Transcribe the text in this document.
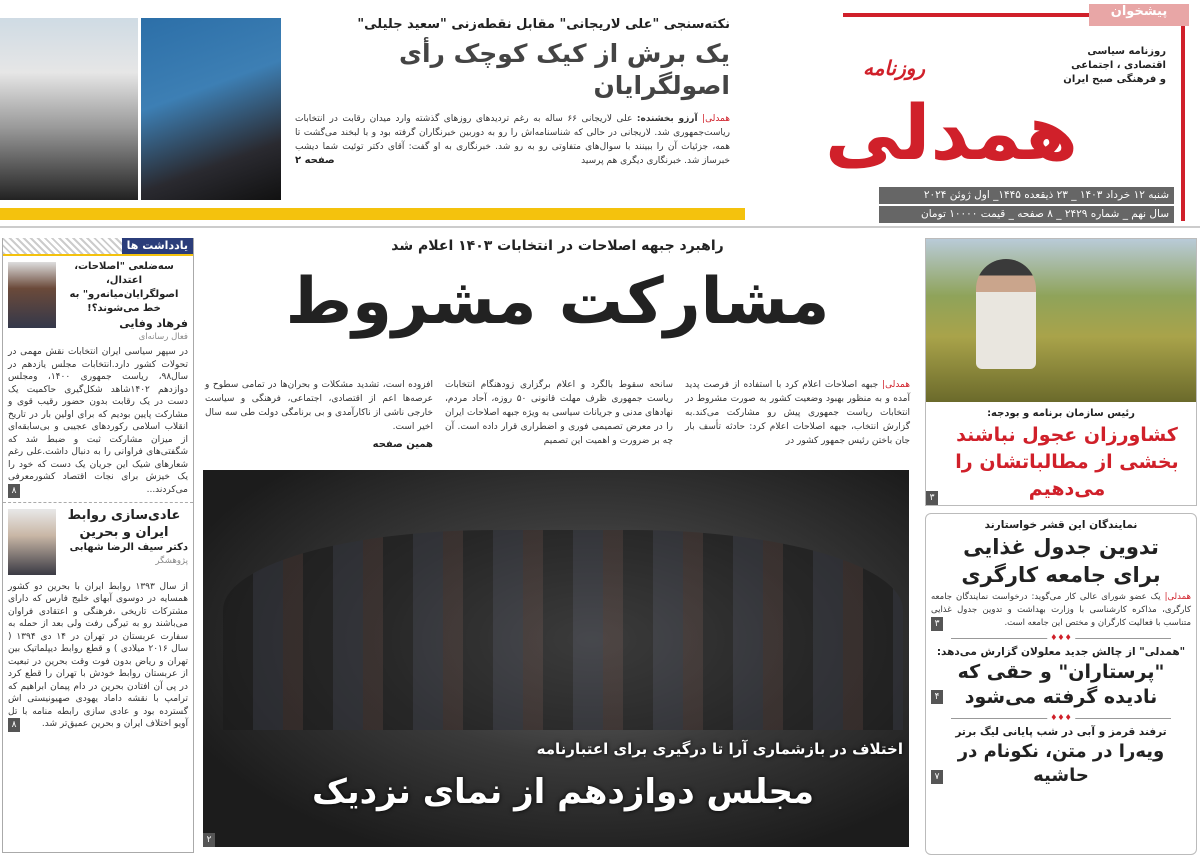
پیشخوان
روزنامه
همدلی
روزنامه سیاسی
اقتصادی ، اجتماعی
و فرهنگی صبح ایران
شنبه ۱۲ خرداد ۱۴۰۳ _ ۲۳ ذیقعده ۱۴۴۵_ اول ژوئن ۲۰۲۴
سال نهم _ شماره ۲۴۲۹ _ ۸ صفحه _ قیمت ۱۰۰۰۰ تومان
نکته‌سنجی "علی لاریجانی" مقابل نقطه‌زنی "سعید جلیلی"
یک برش از کیک کوچک رأی اصولگرایان
همدلی| آرزو بخشنده: علی لاریجانی ۶۶ ساله به رغم تردیدهای روزهای گذشته وارد میدان رقابت در انتخابات ریاست‌جمهوری شد. لاریجانی در حالی که شناسنامه‌اش را رو به دوربین خبرنگاران گرفته بود و با لبخند می‌گشت تا همه، جزئیات آن را ببینند با سوال‌های متفاوتی رو به رو شد. خبرنگاری به او گفت: آقای دکتر توئیت شما دیشب خبرساز شد. خبرنگاری دیگری هم پرسید
صفحه ۲
یادداشت ها
سه‌ضلعی "اصلاحات، اعتدال، اصولگرایان‌میانه‌رو" به خط می‌شوند؟!
فرهاد وفایی
فعال رسانه‌ای
در سپهر سیاسی ایران انتخابات نقش مهمی در تحولات کشور دارد.انتخابات مجلس یازدهم در سال۹۸، ریاست جمهوری ۱۴۰۰، ومجلس دوازدهم ۱۴۰۲شاهد شکل‌گیری حاکمیت یک دست در یک رقابت بدون حضور رقیب قوی و مشارکت پایین بودیم که برای اولین بار در تاریخ انقلاب اسلامی رکوردهای عجیبی و بی‌سابقه‌ای از میزان مشارکت ثبت و ضبط شد که شگفتی‌های فراوانی را به دنبال داشت.علی رغم شعارهای شیک این جریان یک دست که خود را یک خیزش برای نجات اقتصاد کشورمعرفی می‌کردند...
۸
عادی‌سازی روابط ایران و بحرین
دکتر سیف الرضا شهابی
پژوهشگر
از سال ۱۳۹۳ روابط ایران با بحرین دو کشور همسایه در دوسوی آبهای خلیج فارس که دارای مشترکات تاریخی ،فرهنگی و اعتقادی فراوان می‌باشند رو به تیرگی رفت ولی بعد از حمله به سفارت عربستان در تهران در ۱۴ دی ۱۳۹۴ ( سال ۲۰۱۶ میلادی ) و قطع روابط دیپلماتیک بین تهران و ریاض بدون فوت وقت بحرین در تبعیت از عربستان روابط خودش با تهران را قطع کرد در پی آن افتادن بحرین در دام پیمان ابراهیم که ترامپ با نقشه داماد یهودی صهیونیستی اش گسترده بود و عادی سازی رابطه منامه با تل آویو اختلاف ایران و بحرین عمیق‌تر شد.
۸
راهبرد جبهه اصلاحات در انتخابات ۱۴۰۳ اعلام شد
مشارکت مشروط
همدلی| جبهه اصلاحات اعلام کرد با استفاده از فرصت پدید آمده و به منظور بهبود وضعیت کشور به صورت مشروط در انتخابات ریاست جمهوری پیش رو مشارکت می‌کند.به گزارش انتخاب، جبهه اصلاحات اعلام کرد: حادثه تأسف بار جان باختن رئیس جمهور کشور در
سانحه سقوط بالگرد و اعلام برگزاری زودهنگام انتخابات ریاست جمهوری ظرف مهلت قانونی ۵۰ روزه، آحاد مردم، نهادهای مدنی و جریانات سیاسی به ویژه جبهه اصلاحات ایران را در معرض تصمیمی فوری و اضطراری قرار داده است. آن چه بر ضرورت و اهمیت این تصمیم
افزوده است، تشدید مشکلات و بحران‌ها در تمامی سطوح و عرصه‌ها اعم از اقتصادی، اجتماعی، فرهنگی و سیاست خارجی ناشی از ناکارآمدی و بی برنامگی دولت طی سه سال اخیر است.
همین صفحه
اختلاف در بازشماری آرا تا درگیری برای اعتبارنامه
مجلس دوازدهم از نمای نزدیک
۲
رئیس سازمان برنامه و بودجه:
کشاورزان عجول نباشند بخشی از مطالباتشان را می‌دهیم
۳
نمایندگان این قشر خواستارند
تدوین جدول غذایی برای جامعه کارگری
همدلی| یک عضو شورای عالی کار می‌گوید: درخواست نمایندگان جامعه کارگری، مذاکره کارشناسی با وزارت بهداشت و تدوین جدول غذایی متناسب با فعالیت کارگران و مختص این جامعه است.
۳
♦♦♦
"همدلی" از چالش جدید معلولان گزارش می‌دهد:
۴
"پرستاران" و حقی که نادیده گرفته می‌شود
♦♦♦
ترفند قرمز و آبی در شب پایانی لیگ برتر
۷
ویه‌را در متن، نکونام در حاشیه
